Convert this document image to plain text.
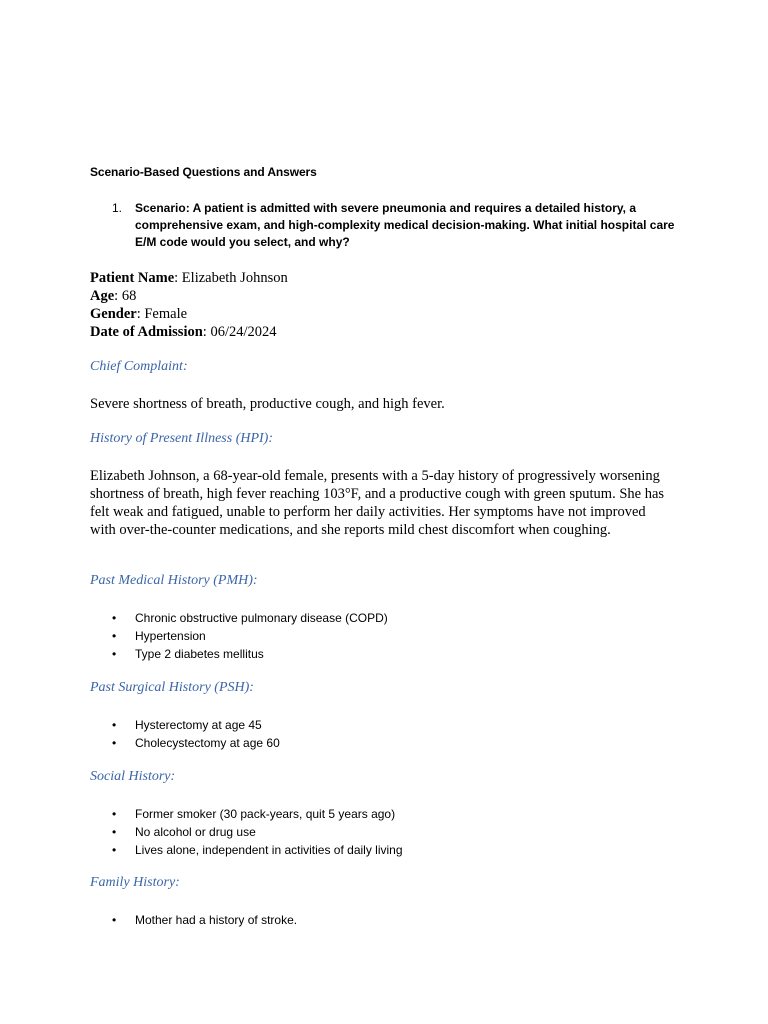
Scenario-Based Questions and Answers
1.	Scenario: A patient is admitted with severe pneumonia and requires a detailed history, a comprehensive exam, and high-complexity medical decision-making. What initial hospital care E/M code would you select, and why?
Patient Name: Elizabeth Johnson
Age: 68
Gender: Female
Date of Admission: 06/24/2024
Chief Complaint:
Severe shortness of breath, productive cough, and high fever.
History of Present Illness (HPI):
Elizabeth Johnson, a 68-year-old female, presents with a 5-day history of progressively worsening shortness of breath, high fever reaching 103°F, and a productive cough with green sputum. She has felt weak and fatigued, unable to perform her daily activities. Her symptoms have not improved with over-the-counter medications, and she reports mild chest discomfort when coughing.
Past Medical History (PMH):
• Chronic obstructive pulmonary disease (COPD)
• Hypertension
• Type 2 diabetes mellitus
Past Surgical History (PSH):
• Hysterectomy at age 45
• Cholecystectomy at age 60
Social History:
• Former smoker (30 pack-years, quit 5 years ago)
• No alcohol or drug use
• Lives alone, independent in activities of daily living
Family History:
• Mother had a history of stroke.
